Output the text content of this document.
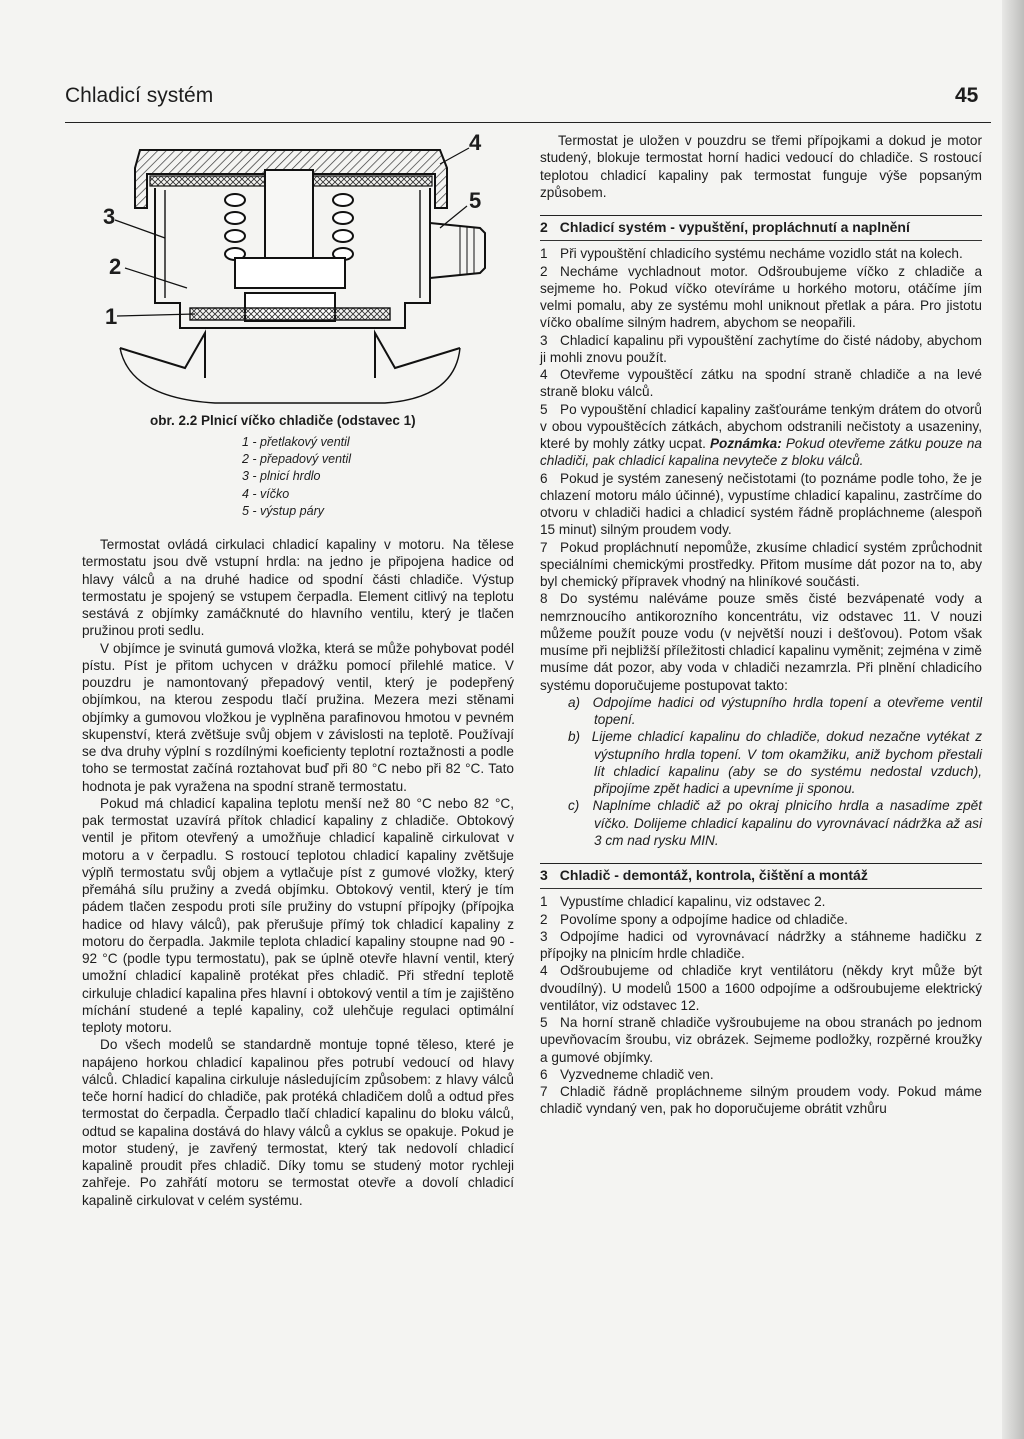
Chladicí systém	45
1
2
3
4
5

obr. 2.2 Plnicí víčko chladiče (odstavec 1)

1 - přetlakový ventil
2 - přepadový ventil
3 - plnicí hrdlo
4 - víčko
5 - výstup páry

Termostat ovládá cirkulaci chladicí kapaliny v motoru. Na tělese termostatu jsou dvě vstupní hrdla: na jedno je připojena hadice od hlavy válců a na druhé hadice od spodní části chladiče. Výstup termostatu je spojený se vstupem čerpadla. Element citlivý na teplotu sestává z objímky zamáčknuté do hlavního ventilu, který je tlačen pružinou proti sedlu.

V objímce je svinutá gumová vložka, která se může pohybovat podél pístu. Píst je přitom uchycen v drážku pomocí přilehlé matice. V pouzdru je namontovaný přepadový ventil, který je podepřený objímkou, na kterou zespodu tlačí pružina. Mezera mezi stěnami objímky a gumovou vložkou je vyplněna parafinovou hmotou v pevném skupenství, která zvětšuje svůj objem v závislosti na teplotě. Používají se dva druhy výplní s rozdílnými koeficienty teplotní roztažnosti a podle toho se termostat začíná roztahovat buď při 80 °C nebo při 82 °C. Tato hodnota je pak vyražena na spodní straně termostatu.

Pokud má chladicí kapalina teplotu menší než 80 °C nebo 82 °C, pak termostat uzavírá přítok chladicí kapaliny z chladiče. Obtokový ventil je přitom otevřený a umožňuje chladicí kapalině cirkulovat v motoru a v čerpadlu. S rostoucí teplotou chladicí kapaliny zvětšuje výplň termostatu svůj objem a vytlačuje píst z gumové vložky, který přemáhá sílu pružiny a zvedá objímku. Obtokový ventil, který je tím pádem tlačen zespodu proti síle pružiny do vstupní přípojky (přípojka hadice od hlavy válců), pak přerušuje přímý tok chladicí kapaliny z motoru do čerpadla. Jakmile teplota chladicí kapaliny stoupne nad 90 - 92 °C (podle typu termostatu), pak se úplně otevře hlavní ventil, který umožní chladicí kapalině protékat přes chladič. Při střední teplotě cirkuluje chladicí kapalina přes hlavní i obtokový ventil a tím je zajištěno míchání studené a teplé kapaliny, což ulehčuje regulaci optimální teploty motoru.

Do všech modelů se standardně montuje topné těleso, které je napájeno horkou chladicí kapalinou přes potrubí vedoucí od hlavy válců. Chladicí kapalina cirkuluje následujícím způsobem: z hlavy válců teče horní hadicí do chladiče, pak protéká chladičem dolů a odtud přes termostat do čerpadla. Čerpadlo tlačí chladicí kapalinu do bloku válců, odtud se kapalina dostává do hlavy válců a cyklus se opakuje. Pokud je motor studený, je zavřený termostat, který tak nedovolí chladicí kapalině proudit přes chladič. Díky tomu se studený motor rychleji zahřeje. Po zahřátí motoru se termostat otevře a dovolí chladicí kapalině cirkulovat v celém systému.

Termostat je uložen v pouzdru se třemi přípojkami a dokud je motor studený, blokuje termostat horní hadici vedoucí do chladiče. S rostoucí teplotou chladicí kapaliny pak termostat funguje výše popsaným způsobem.

2 Chladicí systém - vypuštění, propláchnutí a naplnění
1 Při vypouštění chladicího systému necháme vozidlo stát na kolech.
2 Necháme vychladnout motor. Odšroubujeme víčko z chladiče a sejmeme ho. Pokud víčko otevíráme u horkého motoru, otáčíme jím velmi pomalu, aby ze systému mohl uniknout přetlak a pára. Pro jistotu víčko obalíme silným hadrem, abychom se neopařili.
3 Chladicí kapalinu při vypouštění zachytíme do čisté nádoby, abychom ji mohli znovu použít.
4 Otevřeme vypouštěcí zátku na spodní straně chladiče a na levé straně bloku válců.
5 Po vypouštění chladicí kapaliny zašťouráme tenkým drátem do otvorů v obou vypouštěcích zátkách, abychom odstranili nečistoty a usazeniny, které by mohly zátky ucpat. Poznámka: Pokud otevřeme zátku pouze na chladiči, pak chladicí kapalina nevyteče z bloku válců.
6 Pokud je systém zanesený nečistotami (to poznáme podle toho, že je chlazení motoru málo účinné), vypustíme chladicí kapalinu, zastrčíme do otvoru v chladiči hadici a chladicí systém řádně propláchneme (alespoň 15 minut) silným proudem vody.
7 Pokud propláchnutí nepomůže, zkusíme chladicí systém zprůchodnit speciálními chemickými prostředky. Přitom musíme dát pozor na to, aby byl chemický přípravek vhodný na hliníkové součásti.
8 Do systému naléváme pouze směs čisté bezvápenaté vody a nemrznoucího antikorozního koncentrátu, viz odstavec 11. V nouzi můžeme použít pouze vodu (v největší nouzi i dešťovou). Potom však musíme při nejbližší příležitosti chladicí kapalinu vyměnit; zejména v zimě musíme dát pozor, aby voda v chladiči nezamrzla. Při plnění chladicího systému doporučujeme postupovat takto:
a) Odpojíme hadici od výstupního hrdla topení a otevřeme ventil topení.
b) Lijeme chladicí kapalinu do chladiče, dokud nezačne vytékat z výstupního hrdla topení. V tom okamžiku, aniž bychom přestali lít chladicí kapalinu (aby se do systému nedostal vzduch), připojíme zpět hadici a upevníme ji sponou.
c) Naplníme chladič až po okraj plnicího hrdla a nasadíme zpět víčko. Dolijeme chladicí kapalinu do vyrovnávací nádržka až asi 3 cm nad rysku MIN.
3 Chladič - demontáž, kontrola, čištění a montáž
1 Vypustíme chladicí kapalinu, viz odstavec 2.
2 Povolíme spony a odpojíme hadice od chladiče.
3 Odpojíme hadici od vyrovnávací nádržky a stáhneme hadičku z přípojky na plnicím hrdle chladiče.
4 Odšroubujeme od chladiče kryt ventilátoru (někdy kryt může být dvoudílný). U modelů 1500 a 1600 odpojíme a odšroubujeme elektrický ventilátor, viz odstavec 12.
5 Na horní straně chladiče vyšroubujeme na obou stranách po jednom upevňovacím šroubu, viz obrázek. Sejmeme podložky, rozpěrné kroužky a gumové objímky.
6 Vyzvedneme chladič ven.
7 Chladič řádně propláchneme silným proudem vody. Pokud máme chladič vyndaný ven, pak ho doporučujeme obrátit vzhůru
